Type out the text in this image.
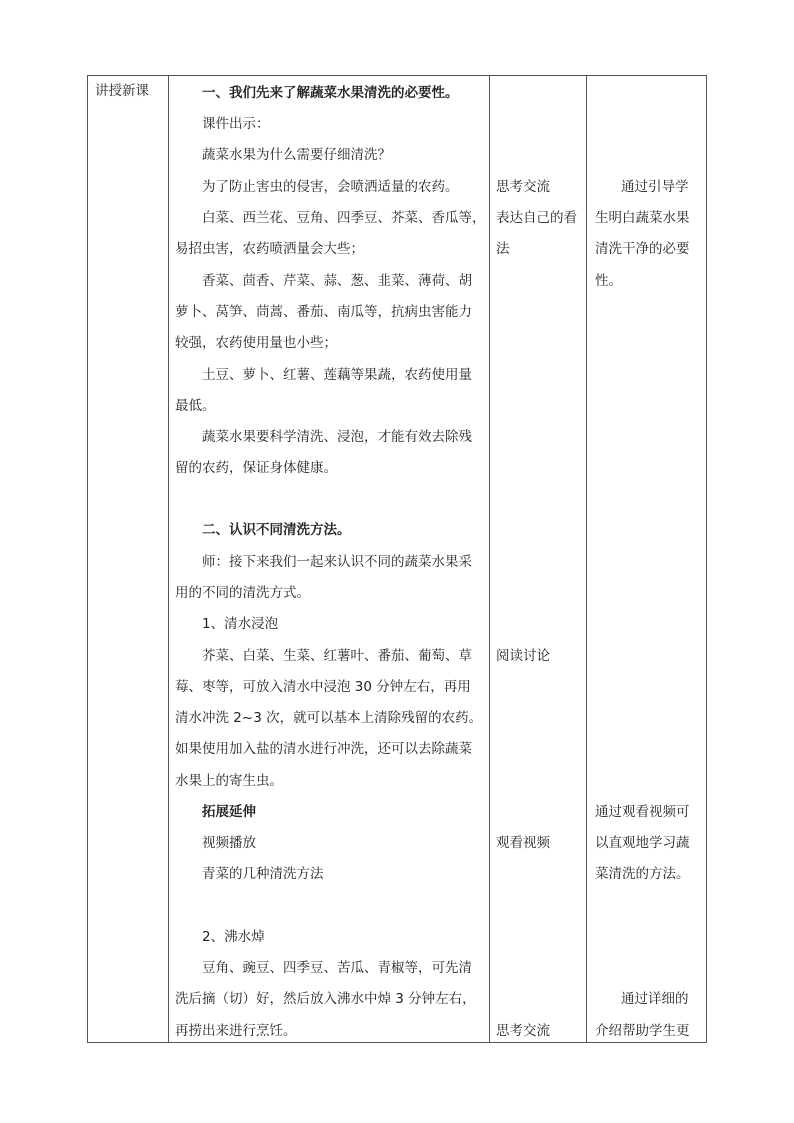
讲授新课	一、我们先来了解蔬菜水果清洗的必要性。
课件出示：
蔬菜水果为什么需要仔细清洗？
为了防止害虫的侵害，会喷洒适量的农药。
白菜、西兰花、豆角、四季豆、芥菜、香瓜等，
易招虫害，农药喷洒量会大些；
香菜、茴香、芹菜、蒜、葱、韭菜、薄荷、胡
萝卜、莴笋、茼蒿、番茄、南瓜等，抗病虫害能力
较强，农药使用量也小些；
土豆、萝卜、红薯、莲藕等果蔬，农药使用量
最低。
蔬菜水果要科学清洗、浸泡，才能有效去除残
留的农药，保证身体健康。
二、认识不同清洗方法。
师：接下来我们一起来认识不同的蔬菜水果采
用的不同的清洗方式。
1、清水浸泡
芥菜、白菜、生菜、红薯叶、番茄、葡萄、草
莓、枣等，可放入清水中浸泡 30 分钟左右，再用
清水冲洗 2~3 次，就可以基本上清除残留的农药。
如果使用加入盐的清水进行冲洗，还可以去除蔬菜
水果上的寄生虫。
拓展延伸
视频播放
青菜的几种清洗方法
2、沸水焯
豆角、豌豆、四季豆、苦瓜、青椒等，可先清
洗后摘（切）好，然后放入沸水中焯 3 分钟左右，
再捞出来进行烹饪。
思考交流
表达自己的看
法
阅读讨论
观看视频
思考交流
通过引导学
生明白蔬菜水果
清洗干净的必要
性。
通过观看视频可
以直观地学习蔬
菜清洗的方法。
通过详细的
介绍帮助学生更
